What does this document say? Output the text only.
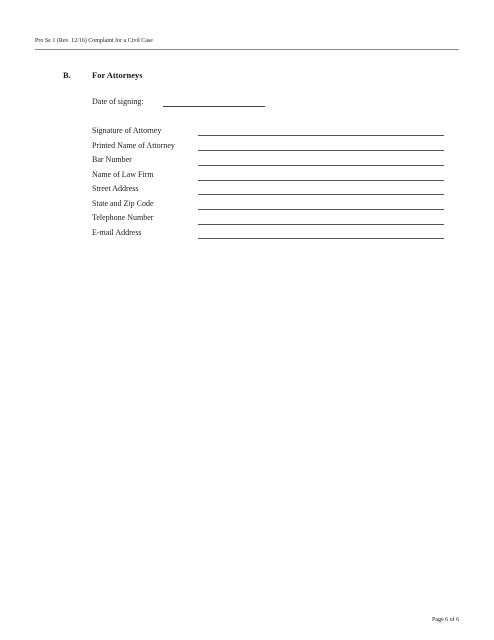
Pro Se 1 (Rev. 12/16) Complaint for a Civil Case
B. For Attorneys
Date of signing:
Signature of Attorney
Printed Name of Attorney
Bar Number
Name of Law Firm
Street Address
State and Zip Code
Telephone Number
E-mail Address
Page 6 of 6
